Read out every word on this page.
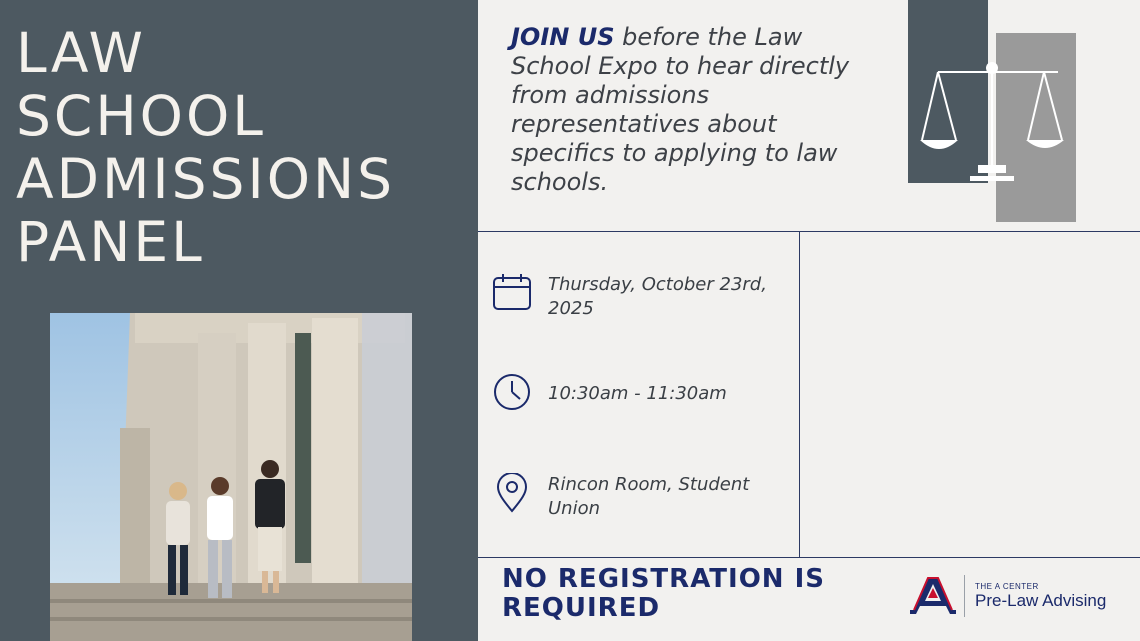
LAW
SCHOOL
ADMISSIONS
PANEL
JOIN US before the Law School Expo to hear directly from admissions representatives about specifics to applying to law schools.
Thursday, October 23rd, 2025
10:30am - 11:30am
Rincon Room, Student Union
NO REGISTRATION IS REQUIRED
THE A CENTER
Pre-Law Advising
